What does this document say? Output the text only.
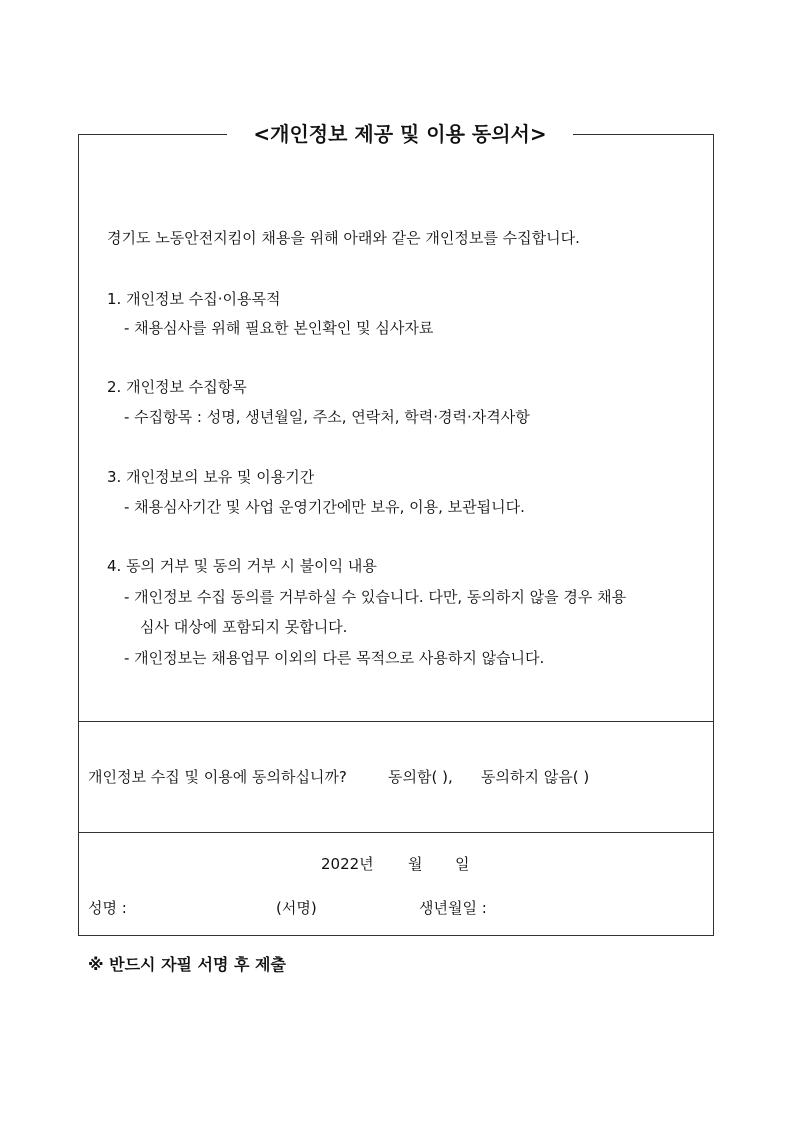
<개인정보 제공 및 이용 동의서>
경기도 노동안전지킴이 채용을 위해 아래와 같은 개인정보를 수집합니다.
1. 개인정보 수집·이용목적
- 채용심사를 위해 필요한 본인확인 및 심사자료
2. 개인정보 수집항목
- 수집항목 : 성명, 생년월일, 주소, 연락처, 학력·경력·자격사항
3. 개인정보의 보유 및 이용기간
- 채용심사기간 및 사업 운영기간에만 보유, 이용, 보관됩니다.
4. 동의 거부 및 동의 거부 시 불이익 내용
- 개인정보 수집 동의를 거부하실 수 있습니다. 다만, 동의하지 않을 경우 채용
심사 대상에 포함되지 못합니다.
- 개인정보는 채용업무 이외의 다른 목적으로 사용하지 않습니다.
개인정보 수집 및 이용에 동의하십니까?	동의함( ), 동의하지 않음( )
2022년 월 일
성명 :	(서명)	생년월일 :
※ 반드시 자필 서명 후 제출
